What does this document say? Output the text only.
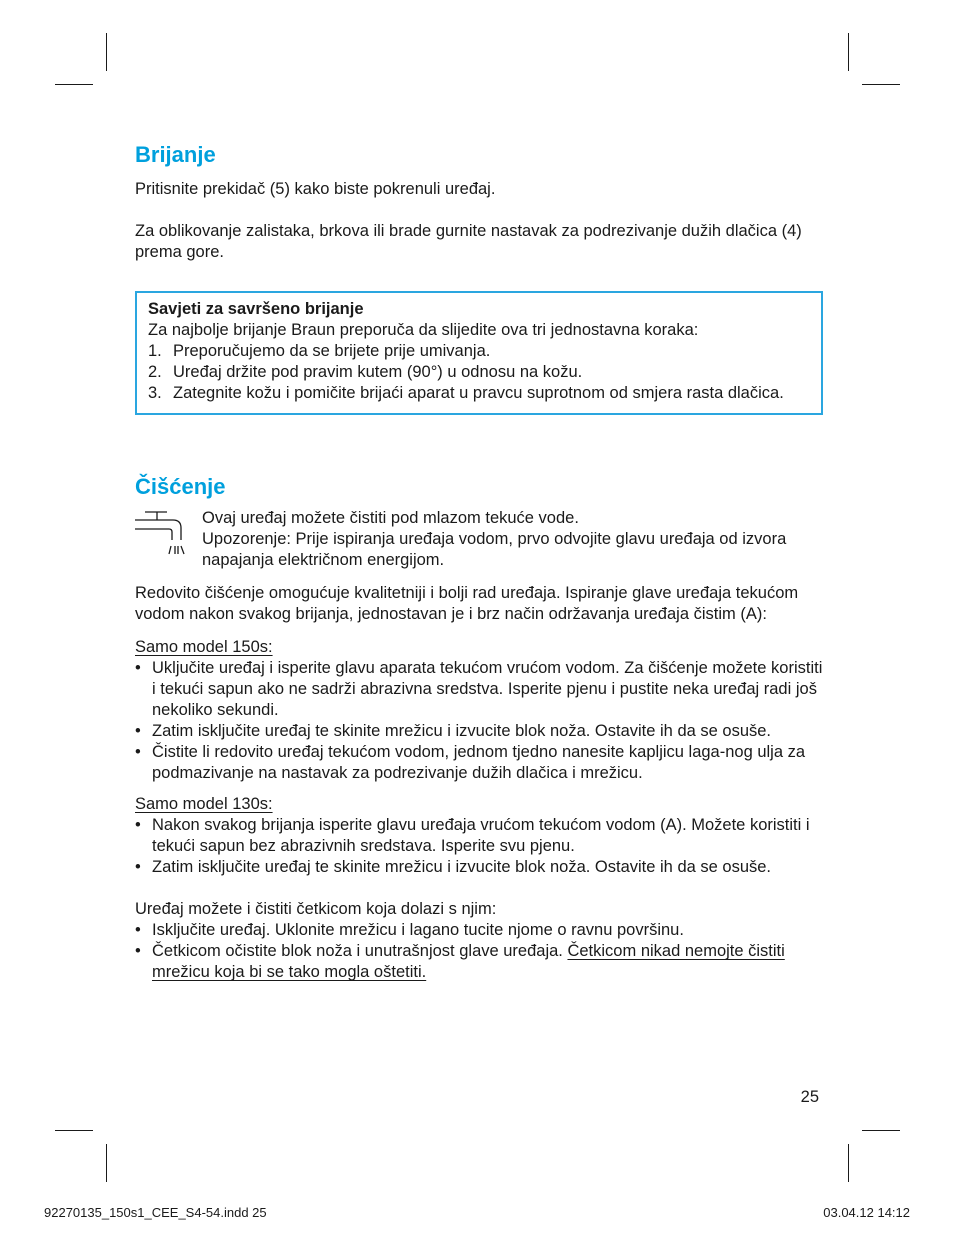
Brijanje

Pritisnite prekidač (5) kako biste pokrenuli uređaj.

Za oblikovanje zalistaka, brkova ili brade gurnite nastavak za podrezivanje dužih dlačica (4) prema gore.

Savjeti za savršeno brijanje
Za najbolje brijanje Braun preporuča da slijedite ova tri jednostavna koraka:
1. Preporučujemo da se brijete prije umivanja.
2. Uređaj držite pod pravim kutem (90°) u odnosu na kožu.
3. Zategnite kožu i pomičite brijaći aparat u pravcu suprotnom od smjera rasta dlačica.
Čišćenje

Ovaj uređaj možete čistiti pod mlazom tekuće vode.

Upozorenje: Prije ispiranja uređaja vodom, prvo odvojite glavu uređaja od izvora napajanja električnom energijom.

Redovito čišćenje omogućuje kvalitetniji i bolji rad uređaja. Ispiranje glave uređaja tekućom vodom nakon svakog brijanja, jednostavan je i brz način održavanja uređaja čistim (A):

Samo model 150s:

• Uključite uređaj i isperite glavu aparata tekućom vrućom vodom. Za čišćenje možete koristiti i tekući sapun ako ne sadrži abrazivna sredstva. Isperite pjenu i pustite neka uređaj radi još nekoliko sekundi.
• Zatim isključite uređaj te skinite mrežicu i izvucite blok noža. Ostavite ih da se osuše.
• Čistite li redovito uređaj tekućom vodom, jednom tjedno nanesite kapljicu laga-nog ulja za podmazivanje na nastavak za podrezivanje dužih dlačica i mrežicu.

Samo model 130s:

• Nakon svakog brijanja isperite glavu uređaja vrućom tekućom vodom (A). Možete koristiti i tekući sapun bez abrazivnih sredstava. Isperite svu pjenu.
• Zatim isključite uređaj te skinite mrežicu i izvucite blok noža. Ostavite ih da se osuše.

Uređaj možete i čistiti četkicom koja dolazi s njim:

• Isključite uređaj. Uklonite mrežicu i lagano tucite njome o ravnu površinu.
• Četkicom očistite blok noža i unutrašnjost glave uređaja. Četkicom nikad nemojte čistiti mrežicu koja bi se tako mogla oštetiti.
25
92270135_150s1_CEE_S4-54.indd 25	03.04.12 14:12
